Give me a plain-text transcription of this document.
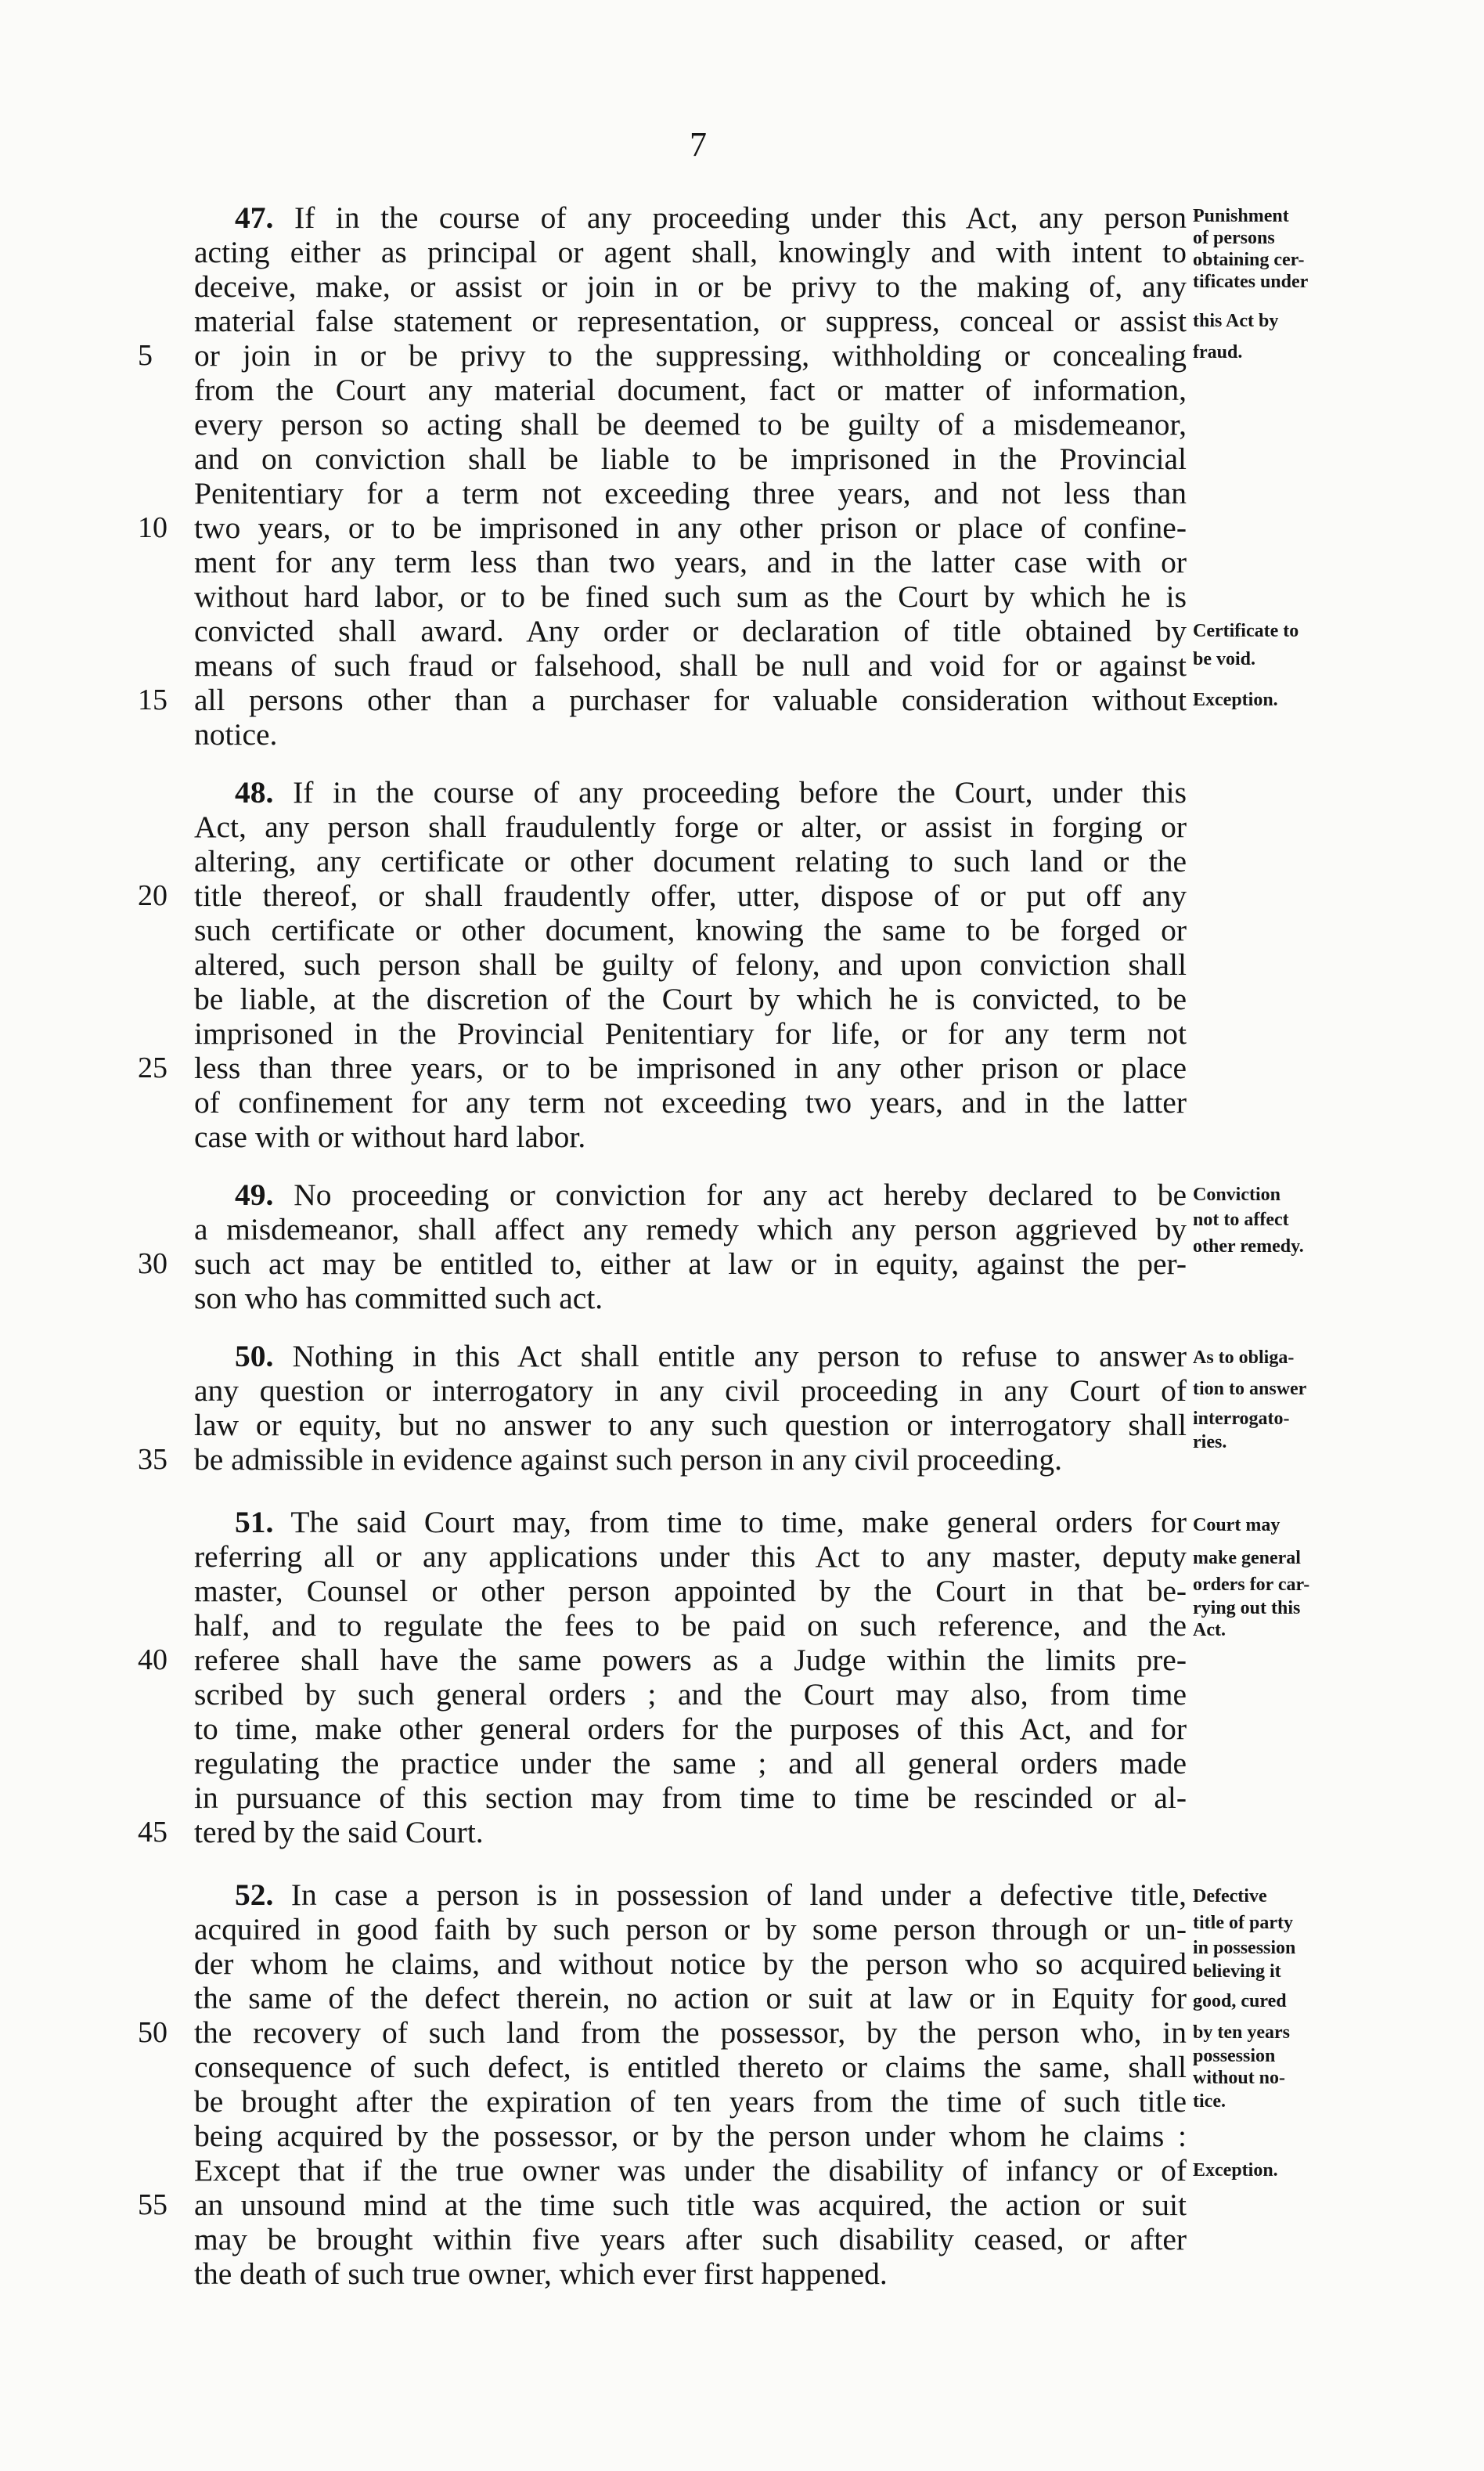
7
47. If in the course of any proceeding under this Act, any person
acting either as principal or agent shall, knowingly and with intent to
deceive, make, or assist or join in or be privy to the making of, any
material false statement or representation, or suppress, conceal or assist
or join in or be privy to the suppressing, withholding or concealing
from the Court any material document, fact or matter of information,
every person so acting shall be deemed to be guilty of a misdemeanor,
and on conviction shall be liable to be imprisoned in the Provincial
Penitentiary for a term not exceeding three years, and not less than
two years, or to be imprisoned in any other prison or place of confine-
ment for any term less than two years, and in the latter case with or
without hard labor, or to be fined such sum as the Court by which he is
convicted shall award. Any order or declaration of title obtained by
means of such fraud or falsehood, shall be null and void for or against
all persons other than a purchaser for valuable consideration without
notice.
Punishment
of persons
obtaining cer-
tificates under
this Act by
fraud.
Certificate to
be void.
Exception.
48. If in the course of any proceeding before the Court, under this
Act, any person shall fraudulently forge or alter, or assist in forging or
altering, any certificate or other document relating to such land or the
title thereof, or shall fraudently offer, utter, dispose of or put off any
such certificate or other document, knowing the same to be forged or
altered, such person shall be guilty of felony, and upon conviction shall
be liable, at the discretion of the Court by which he is convicted, to be
imprisoned in the Provincial Penitentiary for life, or for any term not
less than three years, or to be imprisoned in any other prison or place
of confinement for any term not exceeding two years, and in the latter
case with or without hard labor.
49. No proceeding or conviction for any act hereby declared to be
a misdemeanor, shall affect any remedy which any person aggrieved by
such act may be entitled to, either at law or in equity, against the per-
son who has committed such act.
Conviction
not to affect
other remedy.
50. Nothing in this Act shall entitle any person to refuse to answer
any question or interrogatory in any civil proceeding in any Court of
law or equity, but no answer to any such question or interrogatory shall
be admissible in evidence against such person in any civil proceeding.
As to obliga-
tion to answer
interrogato-
ries.
51. The said Court may, from time to time, make general orders for
referring all or any applications under this Act to any master, deputy
master, Counsel or other person appointed by the Court in that be-
half, and to regulate the fees to be paid on such reference, and the
referee shall have the same powers as a Judge within the limits pre-
scribed by such general orders ; and the Court may also, from time
to time, make other general orders for the purposes of this Act, and for
regulating the practice under the same ; and all general orders made
in pursuance of this section may from time to time be rescinded or al-
tered by the said Court.
Court may
make general
orders for car-
rying out this
Act.
52. In case a person is in possession of land under a defective title,
acquired in good faith by such person or by some person through or un-
der whom he claims, and without notice by the person who so acquired
the same of the defect therein, no action or suit at law or in Equity for
the recovery of such land from the possessor, by the person who, in
consequence of such defect, is entitled thereto or claims the same, shall
be brought after the expiration of ten years from the time of such title
being acquired by the possessor, or by the person under whom he claims :
Except that if the true owner was under the disability of infancy or of
an unsound mind at the time such title was acquired, the action or suit
may be brought within five years after such disability ceased, or after
the death of such true owner, which ever first happened.
Defective
title of party
in possession
believing it
good, cured
by ten years
possession
without no-
tice.
Exception.
5
10
15
20
25
30
35
40
45
50
55
